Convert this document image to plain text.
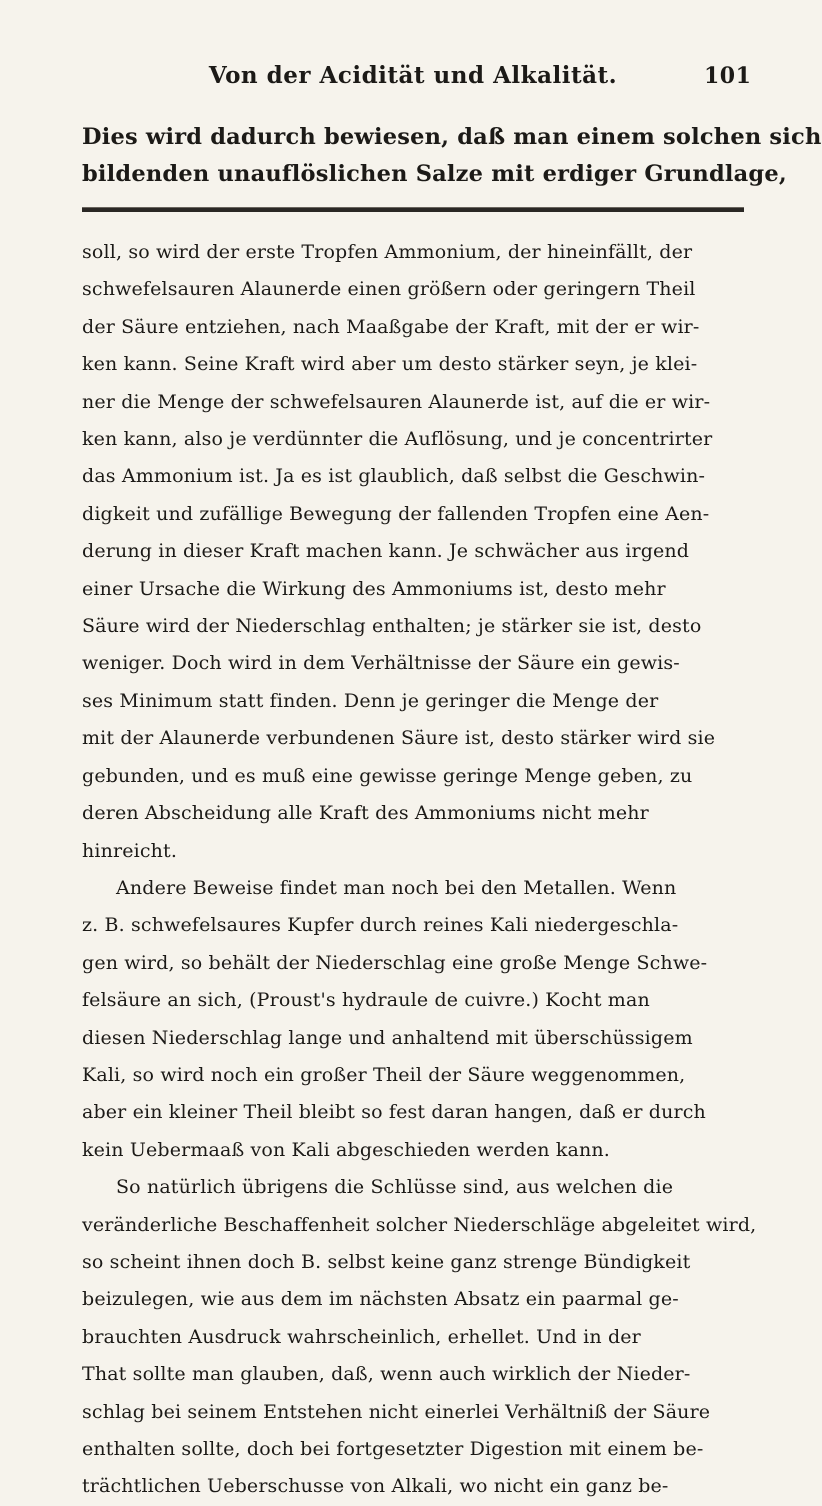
Von der Acidität und Alkalität.	101
Dies wird dadurch bewiesen, daß man einem solchen sich
bildenden unauflöslichen Salze mit erdiger Grundlage,
soll, so wird der erste Tropfen Ammonium, der hineinfällt, der
schwefelsauren Alaunerde einen größern oder geringern Theil
der Säure entziehen, nach Maaßgabe der Kraft, mit der er wir-
ken kann. Seine Kraft wird aber um desto stärker seyn, je klei-
ner die Menge der schwefelsauren Alaunerde ist, auf die er wir-
ken kann, also je verdünnter die Auflösung, und je concentrirter
das Ammonium ist. Ja es ist glaublich, daß selbst die Geschwin-
digkeit und zufällige Bewegung der fallenden Tropfen eine Aen-
derung in dieser Kraft machen kann. Je schwächer aus irgend
einer Ursache die Wirkung des Ammoniums ist, desto mehr
Säure wird der Niederschlag enthalten; je stärker sie ist, desto
weniger. Doch wird in dem Verhältnisse der Säure ein gewis-
ses Minimum statt finden. Denn je geringer die Menge der
mit der Alaunerde verbundenen Säure ist, desto stärker wird sie
gebunden, und es muß eine gewisse geringe Menge geben, zu
deren Abscheidung alle Kraft des Ammoniums nicht mehr
hinreicht.
Andere Beweise findet man noch bei den Metallen. Wenn
z. B. schwefelsaures Kupfer durch reines Kali niedergeschla-
gen wird, so behält der Niederschlag eine große Menge Schwe-
felsäure an sich, (Proust's hydraule de cuivre.) Kocht man
diesen Niederschlag lange und anhaltend mit überschüssigem
Kali, so wird noch ein großer Theil der Säure weggenommen,
aber ein kleiner Theil bleibt so fest daran hangen, daß er durch
kein Uebermaaß von Kali abgeschieden werden kann.
So natürlich übrigens die Schlüsse sind, aus welchen die
veränderliche Beschaffenheit solcher Niederschläge abgeleitet wird,
so scheint ihnen doch B. selbst keine ganz strenge Bündigkeit
beizulegen, wie aus dem im nächsten Absatz ein paarmal ge-
brauchten Ausdruck wahrscheinlich, erhellet. Und in der
That sollte man glauben, daß, wenn auch wirklich der Nieder-
schlag bei seinem Entstehen nicht einerlei Verhältniß der Säure
enthalten sollte, doch bei fortgesetzter Digestion mit einem be-
trächtlichen Ueberschusse von Alkali, wo nicht ein ganz be-
